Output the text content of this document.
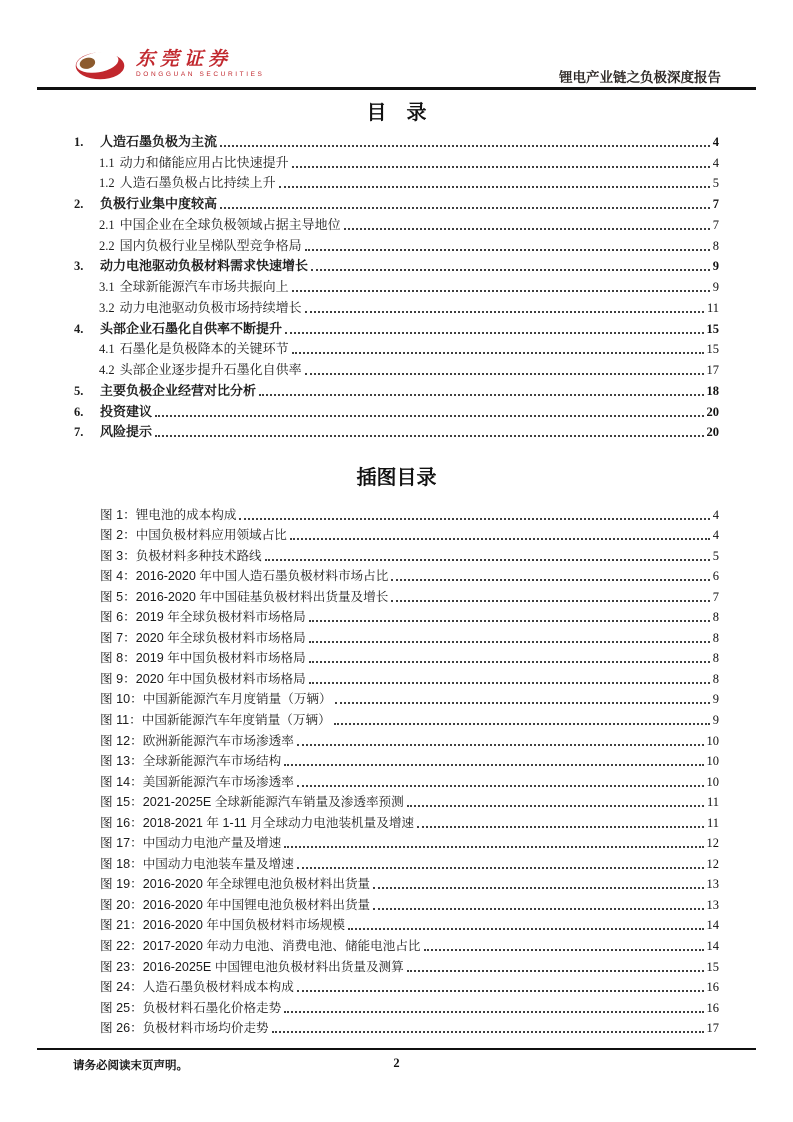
东莞证券
DONGGUAN SECURITIES	锂电产业链之负极深度报告
目　录
1.	人造石墨负极为主流	4
1.1 动力和储能应用占比快速提升	4
1.2 人造石墨负极占比持续上升	5
2.	负极行业集中度较高	7
2.1 中国企业在全球负极领域占据主导地位	7
2.2 国内负极行业呈梯队型竞争格局	8
3.	动力电池驱动负极材料需求快速增长	9
3.1 全球新能源汽车市场共振向上	9
3.2 动力电池驱动负极市场持续增长	11
4.	头部企业石墨化自供率不断提升	15
4.1 石墨化是负极降本的关键环节	15
4.2 头部企业逐步提升石墨化自供率	17
5.	主要负极企业经营对比分析	18
6.	投资建议	20
7.	风险提示	20
插图目录
图 1：锂电池的成本构成	4
图 2：中国负极材料应用领域占比	4
图 3：负极材料多种技术路线	5
图 4：2016-2020 年中国人造石墨负极材料市场占比	6
图 5：2016-2020 年中国硅基负极材料出货量及增长	7
图 6：2019 年全球负极材料市场格局	8
图 7：2020 年全球负极材料市场格局	8
图 8：2019 年中国负极材料市场格局	8
图 9：2020 年中国负极材料市场格局	8
图 10：中国新能源汽车月度销量（万辆）	9
图 11：中国新能源汽车年度销量（万辆）	9
图 12：欧洲新能源汽车市场渗透率	10
图 13：全球新能源汽车市场结构	10
图 14：美国新能源汽车市场渗透率	10
图 15：2021-2025E 全球新能源汽车销量及渗透率预测	11
图 16：2018-2021 年 1-11 月全球动力电池装机量及增速	11
图 17：中国动力电池产量及增速	12
图 18：中国动力电池装车量及增速	12
图 19：2016-2020 年全球锂电池负极材料出货量	13
图 20：2016-2020 年中国锂电池负极材料出货量	13
图 21：2016-2020 年中国负极材料市场规模	14
图 22：2017-2020 年动力电池、消费电池、储能电池占比	14
图 23：2016-2025E 中国锂电池负极材料出货量及测算	15
图 24：人造石墨负极材料成本构成	16
图 25：负极材料石墨化价格走势	16
图 26：负极材料市场均价走势	17
请务必阅读末页声明。	2
